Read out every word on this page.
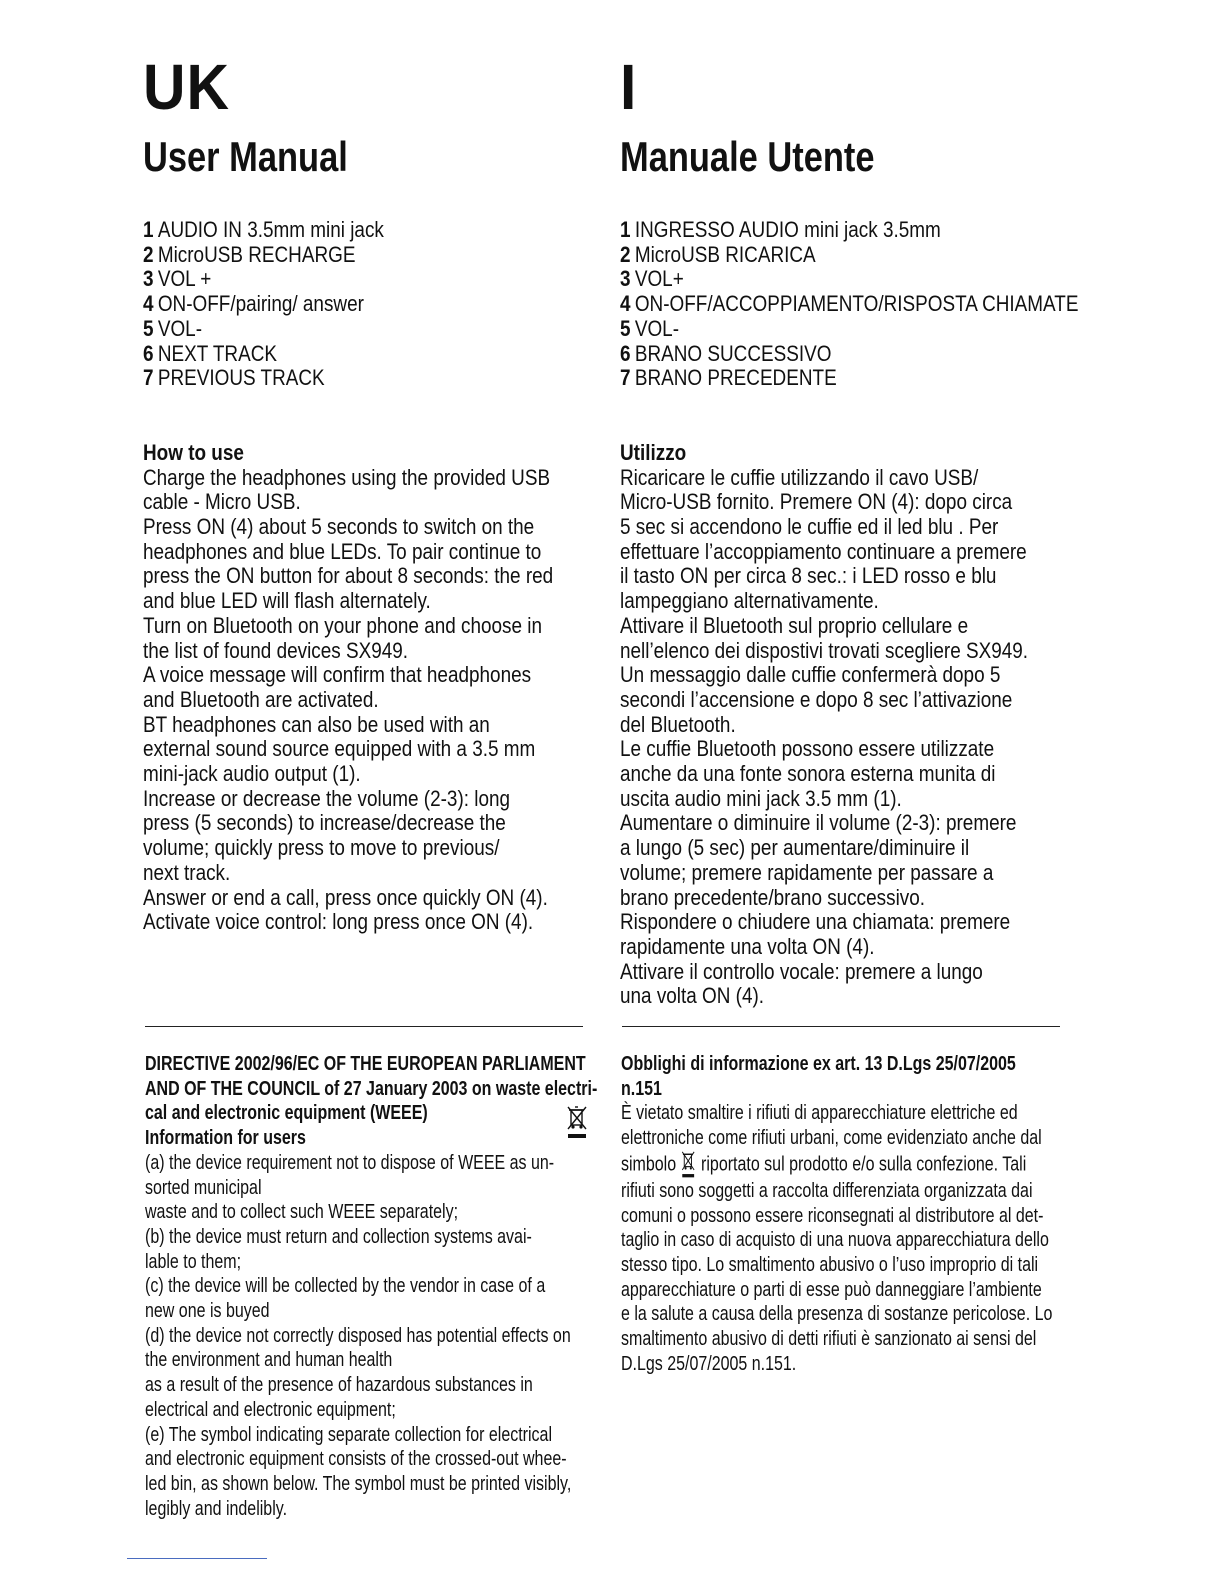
UK
User Manual
1 AUDIO IN 3.5mm mini jack
2 MicroUSB RECHARGE
3 VOL +
4 ON-OFF/pairing/ answer
5 VOL-
6 NEXT TRACK
7 PREVIOUS TRACK
How to use
Charge the headphones using the provided USB
cable - Micro USB.
Press ON (4) about 5 seconds to switch on the
headphones and blue LEDs. To pair continue to
press the ON button for about 8 seconds: the red
and blue LED will flash alternately.
Turn on Bluetooth on your phone and choose in
the list of found devices SX949.
A voice message will confirm that headphones
and Bluetooth are activated.
BT headphones can also be used with an
external sound source equipped with a 3.5 mm
mini-jack audio output (1).
Increase or decrease the volume (2-3): long
press (5 seconds) to increase/decrease the
volume; quickly press to move to previous/
next track.
Answer or end a call, press once quickly ON (4).
Activate voice control: long press once ON (4).
I
Manuale Utente
1 INGRESSO AUDIO mini jack 3.5mm
2 MicroUSB RICARICA
3 VOL+
4 ON-OFF/ACCOPPIAMENTO/RISPOSTA CHIAMATE
5 VOL-
6 BRANO SUCCESSIVO
7 BRANO PRECEDENTE
Utilizzo
Ricaricare le cuffie utilizzando il cavo USB/
Micro-USB fornito. Premere ON (4): dopo circa
5 sec si accendono le cuffie ed il led blu . Per
effettuare l’accoppiamento continuare a premere
il tasto ON per circa 8 sec.: i LED rosso e blu
lampeggiano alternativamente.
Attivare il Bluetooth sul proprio cellulare e
nell’elenco dei dispostivi trovati scegliere SX949.
Un messaggio dalle cuffie confermerà dopo 5
secondi l’accensione e dopo 8 sec l’attivazione
del Bluetooth.
Le cuffie Bluetooth possono essere utilizzate
anche da una fonte sonora esterna munita di
uscita audio mini jack 3.5 mm (1).
Aumentare o diminuire il volume (2-3): premere
a lungo (5 sec) per aumentare/diminuire il
volume; premere rapidamente per passare a
brano precedente/brano successivo.
Rispondere o chiudere una chiamata: premere
rapidamente una volta ON (4).
Attivare il controllo vocale: premere a lungo
una volta ON (4).
DIRECTIVE 2002/96/EC OF THE EUROPEAN PARLIAMENT
AND OF THE COUNCIL of 27 January 2003 on waste electri-
cal and electronic equipment (WEEE)
Information for users
(a) the device requirement not to dispose of WEEE as un-
sorted municipal
waste and to collect such WEEE separately;
(b) the device must return and collection systems avai-
lable to them;
(c) the device will be collected by the vendor in case of a
new one is buyed
(d) the device not correctly disposed has potential effects on
the environment and human health
as a result of the presence of hazardous substances in
electrical and electronic equipment;
(e) The symbol indicating separate collection for electrical
and electronic equipment consists of the crossed-out whee-
led bin, as shown below. The symbol must be printed visibly,
legibly and indelibly.
Obblighi di informazione ex art. 13 D.Lgs 25/07/2005
n.151
È vietato smaltire i rifiuti di apparecchiature elettriche ed
elettroniche come rifiuti urbani, come evidenziato anche dal
simbolo riportato sul prodotto e/o sulla confezione. Tali
rifiuti sono soggetti a raccolta differenziata organizzata dai
comuni o possono essere riconsegnati al distributore al det-
taglio in caso di acquisto di una nuova apparecchiatura dello
stesso tipo. Lo smaltimento abusivo o l’uso improprio di tali
apparecchiature o parti di esse può danneggiare l’ambiente
e la salute a causa della presenza di sostanze pericolose. Lo
smaltimento abusivo di detti rifiuti è sanzionato ai sensi del
D.Lgs 25/07/2005 n.151.
